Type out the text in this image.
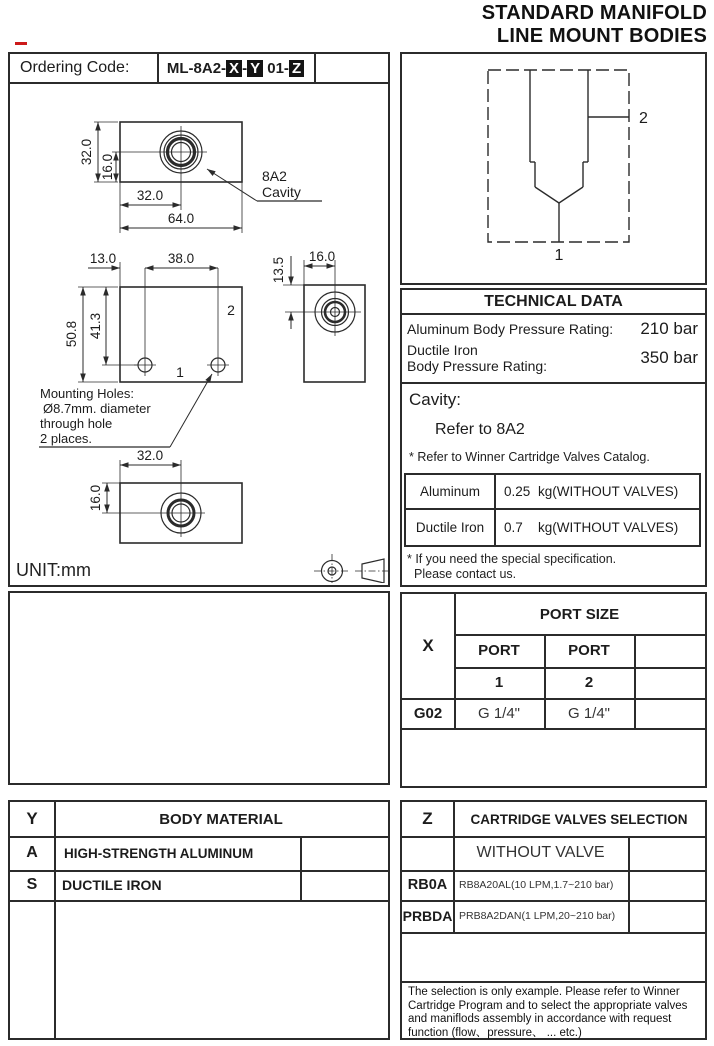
STANDARD MANIFOLD
LINE MOUNT BODIES
Ordering Code:	ML-8A2- X - Y 01- Z
32.0
16.0
32.0
64.0
8A2
Cavity
13.0	38.0
50.8 41.3
2
1
Mounting Holes:
Ø8.7mm. diameter
through hole
2 places.
13.5
16.0
32.0
16.0
UNIT:mm
2
1
TECHNICAL DATA
Aluminum Body Pressure Rating: 210 bar
Ductile Iron
Body Pressure Rating:	350 bar
Cavity:
Refer to 8A2
* Refer to Winner Cartridge Valves Catalog.
Aluminum	0.25 kg(WITHOUT VALVES)
Ductile Iron	0.7	kg(WITHOUT VALVES)
* If you need the special specification.
Please contact us.
X
PORT SIZE
PORT	PORT
1	2
G02	G 1/4"	G 1/4"
Y	BODY MATERIAL
A	HIGH-STRENGTH ALUMINUM
S	DUCTILE IRON
Z	CARTRIDGE VALVES SELECTION
WITHOUT VALVE
RB0A	RB8A20AL(10 LPM,1.7~210 bar)
PRBDA PRB8A2DAN(1 LPM,20~210 bar)
The selection is only example. Please refer to Winner
Cartridge Program and to select the appropriate valves
and maniflods assembly in accordance with request
function (flow、pressure、 ... etc.)
